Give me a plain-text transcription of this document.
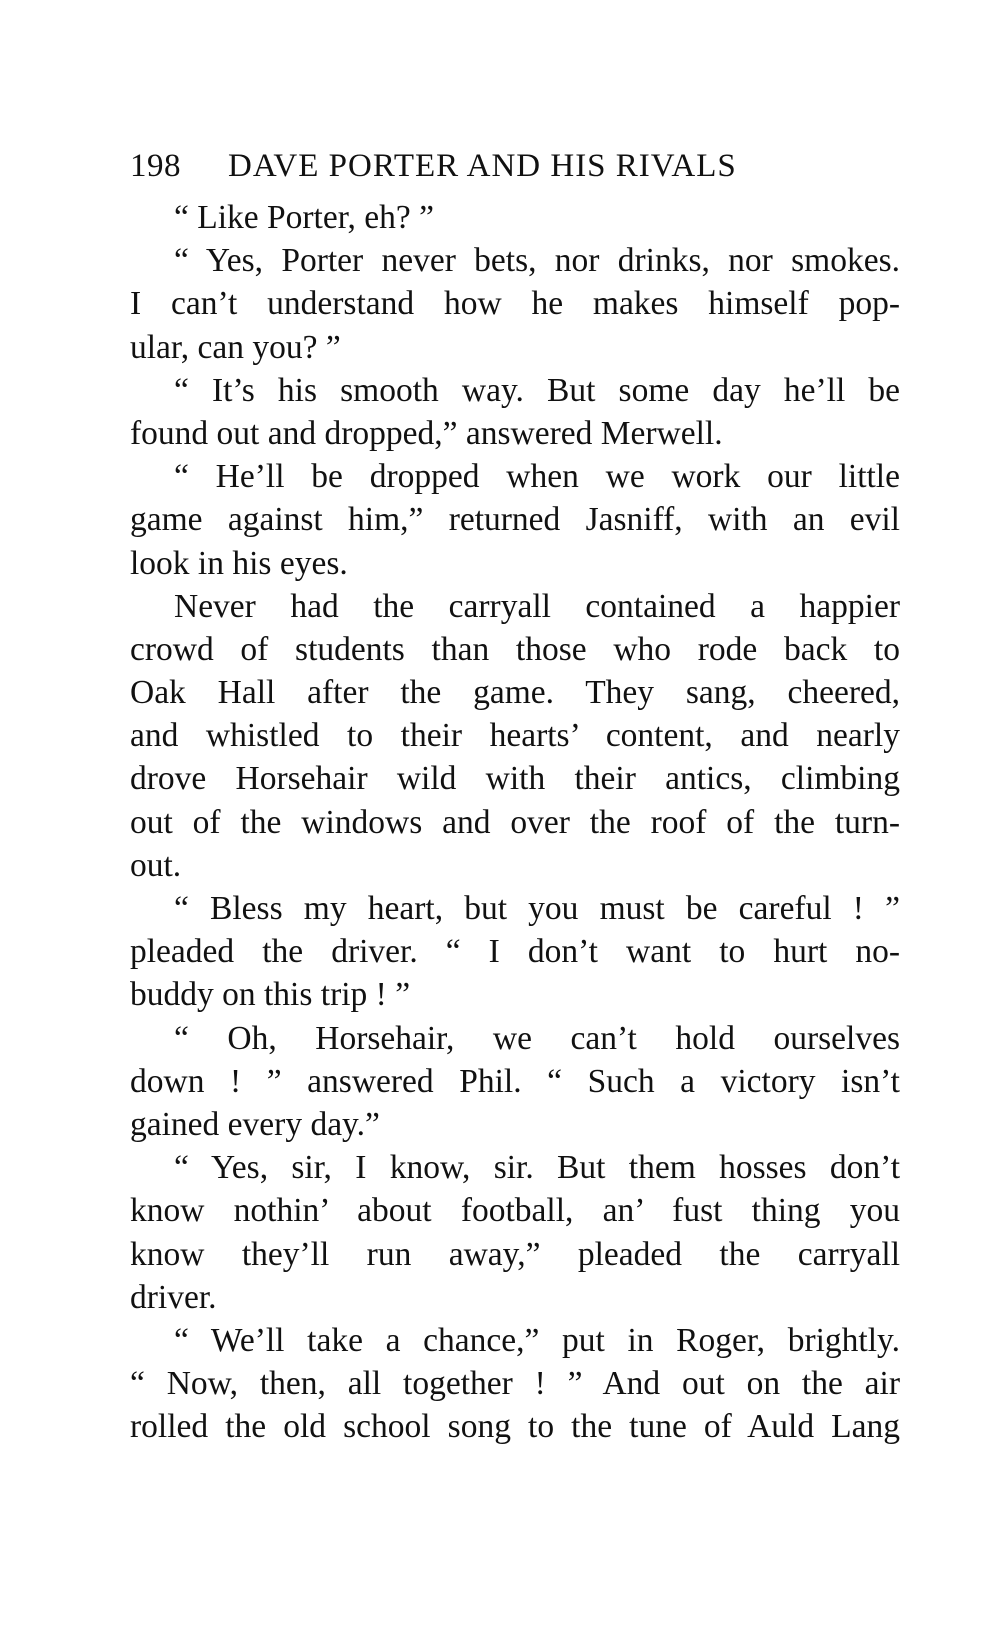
198 DAVE PORTER AND HIS RIVALS
“ Like Porter, eh? ”
“ Yes, Porter never bets, nor drinks, nor smokes.
I can’t understand how he makes himself pop-
ular, can you? ”
“ It’s his smooth way. But some day he’ll be
found out and dropped,” answered Merwell.
“ He’ll be dropped when we work our little
game against him,” returned Jasniff, with an evil
look in his eyes.
Never had the carryall contained a happier
crowd of students than those who rode back to
Oak Hall after the game. They sang, cheered,
and whistled to their hearts’ content, and nearly
drove Horsehair wild with their antics, climbing
out of the windows and over the roof of the turn-
out.
“ Bless my heart, but you must be careful ! ”
pleaded the driver. “ I don’t want to hurt no-
buddy on this trip ! ”
“ Oh, Horsehair, we can’t hold ourselves
down ! ” answered Phil. “ Such a victory isn’t
gained every day.”
“ Yes, sir, I know, sir. But them hosses don’t
know nothin’ about football, an’ fust thing you
know they’ll run away,” pleaded the carryall
driver.
“ We’ll take a chance,” put in Roger, brightly.
“ Now, then, all together ! ” And out on the air
rolled the old school song to the tune of Auld Lang
